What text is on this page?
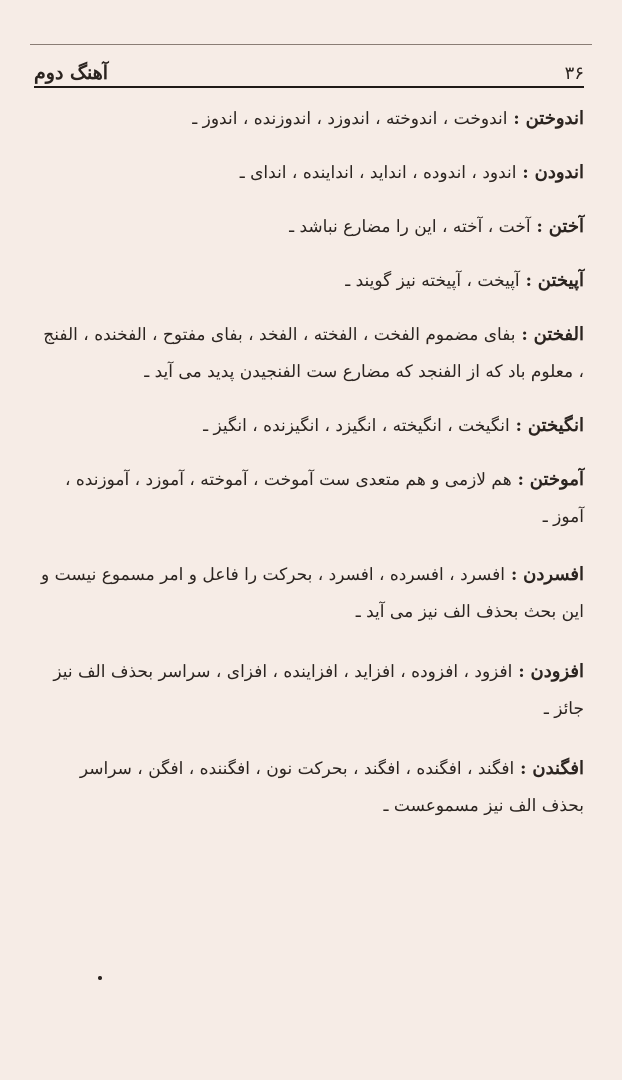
آهنگ دوم	۳۶
اندوختن : اندوخت ، اندوخته ، اندوزد ، اندوزنده ، اندوز ـ
اندودن : اندود ، اندوده ، انداید ، انداینده ، اندای ـ
آختن : آخت ، آخته ، این را مضارع نباشد ـ
آپیختن : آپیخت ، آپیخته نیز گویند ـ
الفختن : بفای مضموم الفخت ، الفخته ، الفخد ، بفای مفتوح ، الفخنده ، الفنج ، معلوم باد که از الفنجد که مضارع ست الفنجیدن پدید می آید ـ
انگیختن : انگیخت ، انگیخته ، انگیزد ، انگیزنده ، انگیز ـ
آموختن : هم لازمی و هم متعدی ست آموخت ، آموخته ، آموزد ، آموزنده ، آموز ـ
افسردن : افسرد ، افسرده ، افسرد ، بحرکت را فاعل و امر مسموع نیست و این بحث بحذف الف نیز می آید ـ
افزودن : افزود ، افزوده ، افزاید ، افزاینده ، افزای ، سراسر بحذف الف نیز جائز ـ
افگندن : افگند ، افگنده ، افگند ، بحرکت نون ، افگننده ، افگن ، سراسر بحذف الف نیز مسموعست ـ
